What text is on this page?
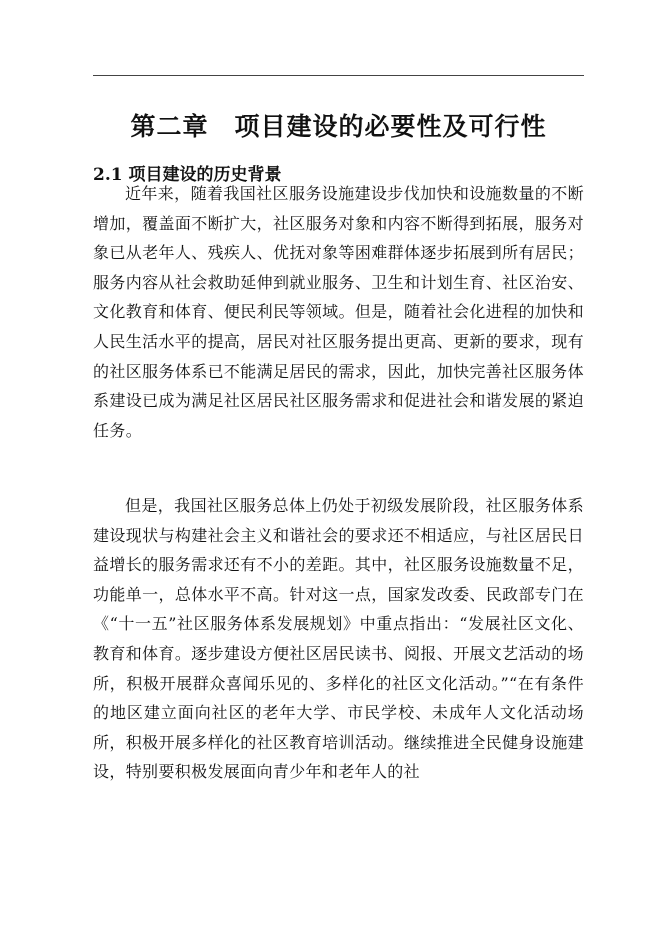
第二章　项目建设的必要性及可行性
2.1 项目建设的历史背景

近年来，随着我国社区服务设施建设步伐加快和设施数量的不断增加，覆盖面不断扩大，社区服务对象和内容不断得到拓展，服务对象已从老年人、残疾人、优抚对象等困难群体逐步拓展到所有居民；服务内容从社会救助延伸到就业服务、卫生和计划生育、社区治安、文化教育和体育、便民利民等领域。但是，随着社会化进程的加快和人民生活水平的提高，居民对社区服务提出更高、更新的要求，现有的社区服务体系已不能满足居民的需求，因此，加快完善社区服务体系建设已成为满足社区居民社区服务需求和促进社会和谐发展的紧迫任务。

但是，我国社区服务总体上仍处于初级发展阶段，社区服务体系建设现状与构建社会主义和谐社会的要求还不相适应，与社区居民日益增长的服务需求还有不小的差距。其中，社区服务设施数量不足，功能单一，总体水平不高。针对这一点，国家发改委、民政部专门在《“十一五”社区服务体系发展规划》中重点指出：“发展社区文化、教育和体育。逐步建设方便社区居民读书、阅报、开展文艺活动的场所，积极开展群众喜闻乐见的、多样化的社区文化活动。”“在有条件的地区建立面向社区的老年大学、市民学校、未成年人文化活动场所，积极开展多样化的社区教育培训活动。继续推进全民健身设施建设，特别要积极发展面向青少年和老年人的社
